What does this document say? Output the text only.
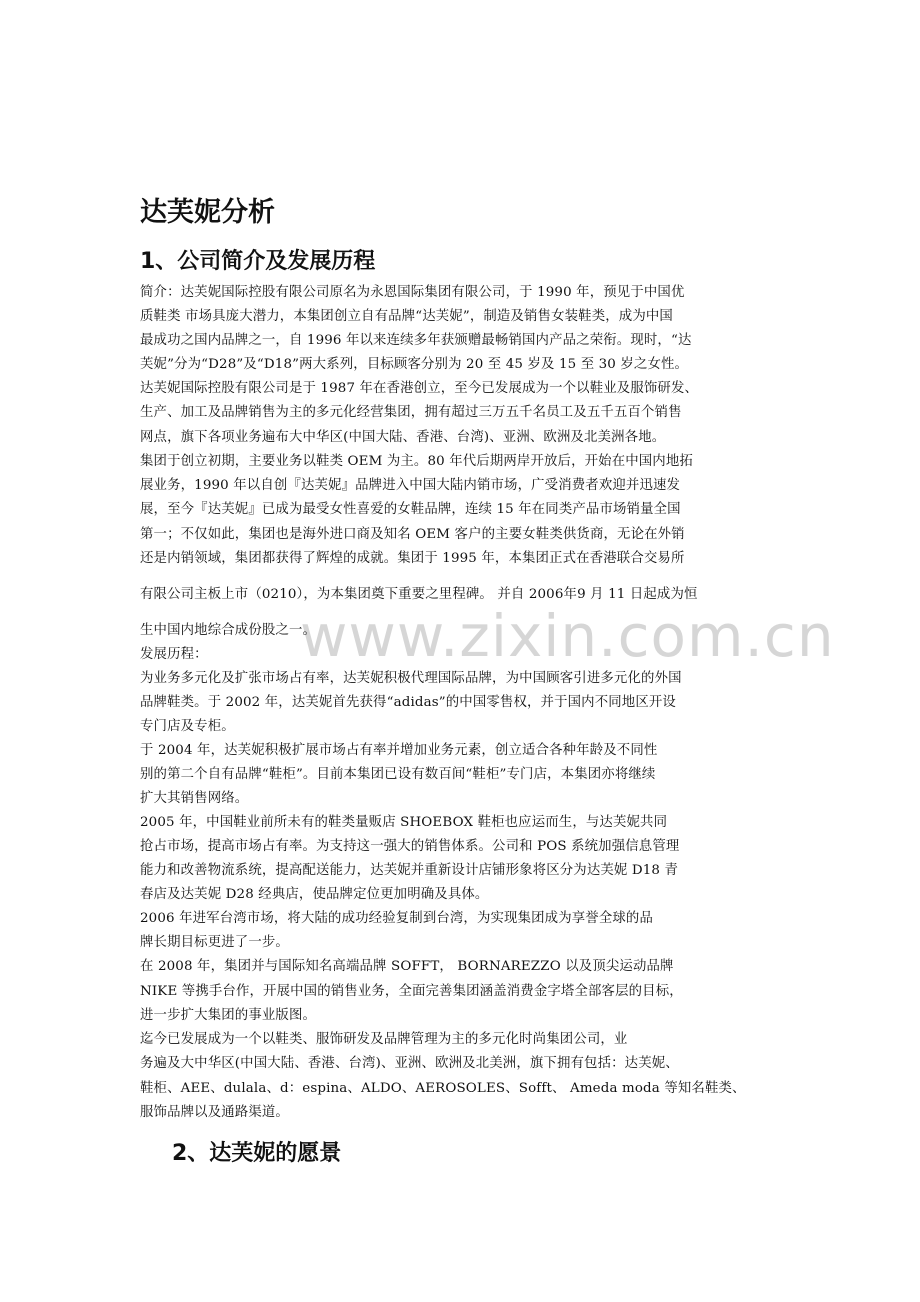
www.zixin.com.cn
达芙妮分析
1、公司简介及发展历程
简介：达芙妮国际控股有限公司原名为永恩国际集团有限公司，于 1990 年，预见于中国优
质鞋类 市场具庞大潜力，本集团创立自有品牌“达芙妮”，制造及销售女装鞋类，成为中国
最成功之国内品牌之一，自 1996 年以来连续多年获颁赠最畅销国内产品之荣衔。现时，“达
芙妮”分为“D28”及“D18”两大系列，目标顾客分别为 20 至 45 岁及 15 至 30 岁之女性。
达芙妮国际控股有限公司是于 1987 年在香港创立，至今已发展成为一个以鞋业及服饰研发、
生产、加工及品牌销售为主的多元化经营集团，拥有超过三万五千名员工及五千五百个销售
网点，旗下各项业务遍布大中华区(中国大陆、香港、台湾)、亚洲、欧洲及北美洲各地。
集团于创立初期，主要业务以鞋类 OEM 为主。80 年代后期两岸开放后，开始在中国内地拓
展业务，1990 年以自创『达芙妮』品牌进入中国大陆内销市场，广受消费者欢迎并迅速发
展，至今『达芙妮』已成为最受女性喜爱的女鞋品牌，连续 15 年在同类产品市场销量全国
第一；不仅如此，集团也是海外进口商及知名 OEM 客户的主要女鞋类供货商，无论在外销
还是内销领域，集团都获得了辉煌的成就。集团于 1995 年，本集团正式在香港联合交易所
有限公司主板上市（0210），为本集团奠下重要之里程碑。 并自 2006年9 月 11 日起成为恒
生中国内地综合成份股之一。
发展历程：
为业务多元化及扩张市场占有率，达芙妮积极代理国际品牌，为中国顾客引进多元化的外国
品牌鞋类。于 2002 年，达芙妮首先获得“adidas”的中国零售权，并于国内不同地区开设
专门店及专柜。
于 2004 年，达芙妮积极扩展市场占有率并增加业务元素，创立适合各种年龄及不同性
别的第二个自有品牌“鞋柜”。目前本集团已设有数百间“鞋柜”专门店，本集团亦将继续
扩大其销售网络。
2005 年，中国鞋业前所未有的鞋类量贩店 SHOEBOX 鞋柜也应运而生，与达芙妮共同
抢占市场，提高市场占有率。为支持这一强大的销售体系。公司和 POS 系统加强信息管理
能力和改善物流系统，提高配送能力，达芙妮并重新设计店铺形象将区分为达芙妮 D18 青
春店及达芙妮 D28 经典店，使品牌定位更加明确及具体。
2006 年进军台湾市场，将大陆的成功经验复制到台湾，为实现集团成为享誉全球的品
牌长期目标更进了一步。
在 2008 年，集团并与国际知名高端品牌 SOFFT， BORNAREZZO 以及顶尖运动品牌
NIKE 等携手台作，开展中国的销售业务，全面完善集团涵盖消费金字塔全部客层的目标，
进一步扩大集团的事业版图。
迄今已发展成为一个以鞋类、服饰研发及品牌管理为主的多元化时尚集团公司，业
务遍及大中华区(中国大陆、香港、台湾)、亚洲、欧洲及北美洲，旗下拥有包括：达芙妮、
鞋柜、AEE、dulala、d：espina、ALDO、AEROSOLES、Sofft、 Ameda moda 等知名鞋类、
服饰品牌以及通路渠道。
2、达芙妮的愿景
